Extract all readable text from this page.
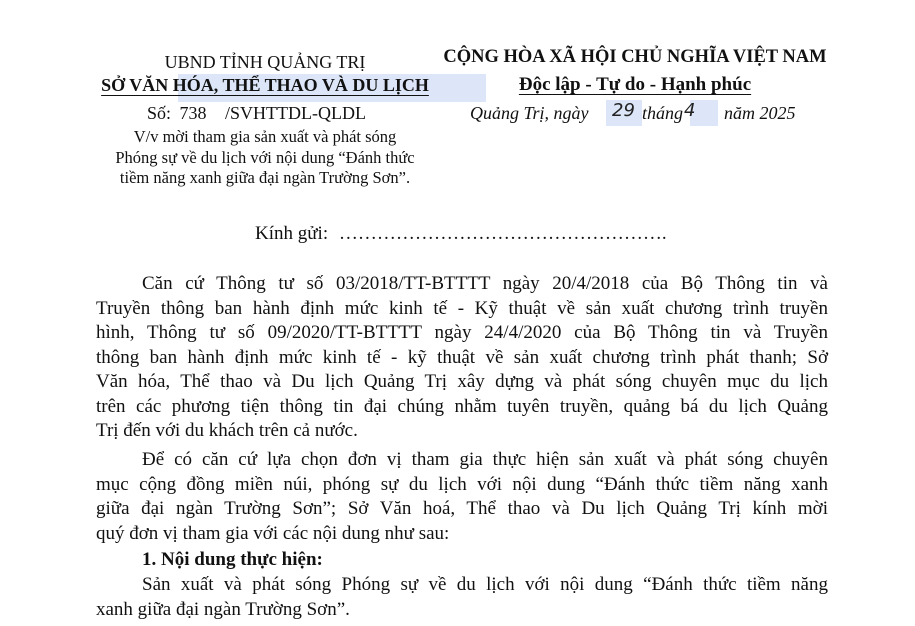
UBND TỈNH QUẢNG TRỊ
SỞ VĂN HÓA, THỂ THAO VÀ DU LỊCH
Số: 738 /SVHTTDL-QLDL
V/v mời tham gia sản xuất và phát sóng
Phóng sự về du lịch với nội dung “Đánh thức
tiềm năng xanh giữa đại ngàn Trường Sơn”.
CỘNG HÒA XÃ HỘI CHỦ NGHĨA VIỆT NAM
Độc lập - Tự do - Hạnh phúc
Quảng Trị, ngày 29 tháng 4 năm 2025
Kính gửi: …………………………………………….
Căn cứ Thông tư số 03/2018/TT-BTTTT ngày 20/4/2018 của Bộ Thông tin và
Truyền thông ban hành định mức kinh tế - Kỹ thuật về sản xuất chương trình truyền
hình, Thông tư số 09/2020/TT-BTTTT ngày 24/4/2020 của Bộ Thông tin và Truyền
thông ban hành định mức kinh tế - kỹ thuật về sản xuất chương trình phát thanh; Sở
Văn hóa, Thể thao và Du lịch Quảng Trị xây dựng và phát sóng chuyên mục du lịch
trên các phương tiện thông tin đại chúng nhằm tuyên truyền, quảng bá du lịch Quảng
Trị đến với du khách trên cả nước.
Để có căn cứ lựa chọn đơn vị tham gia thực hiện sản xuất và phát sóng chuyên
mục cộng đồng miền núi, phóng sự du lịch với nội dung “Đánh thức tiềm năng xanh
giữa đại ngàn Trường Sơn”; Sở Văn hoá, Thể thao và Du lịch Quảng Trị kính mời
quý đơn vị tham gia với các nội dung như sau:
1. Nội dung thực hiện:
Sản xuất và phát sóng Phóng sự về du lịch với nội dung “Đánh thức tiềm năng
xanh giữa đại ngàn Trường Sơn”.
